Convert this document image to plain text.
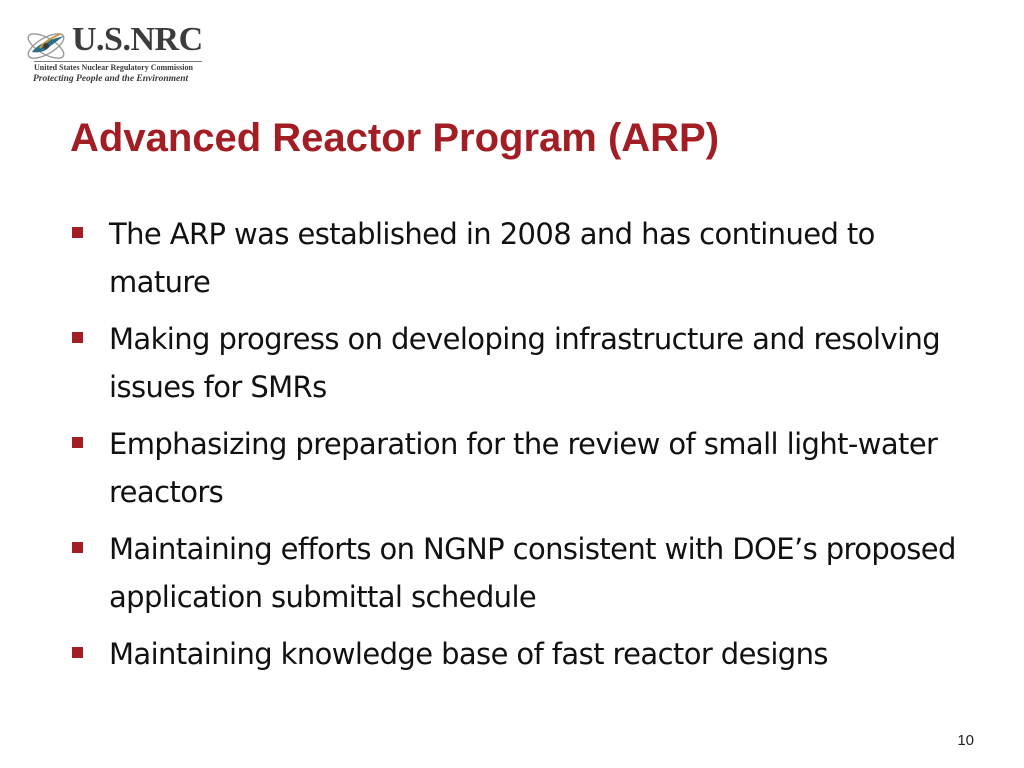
U.S.NRC
United States Nuclear Regulatory Commission
Protecting People and the Environment
Advanced Reactor Program (ARP)
The ARP was established in 2008 and has continued to mature
Making progress on developing infrastructure and resolving issues for SMRs
Emphasizing preparation for the review of small light-water reactors
Maintaining efforts on NGNP consistent with DOE’s proposed application submittal schedule
Maintaining knowledge base of fast reactor designs
10
